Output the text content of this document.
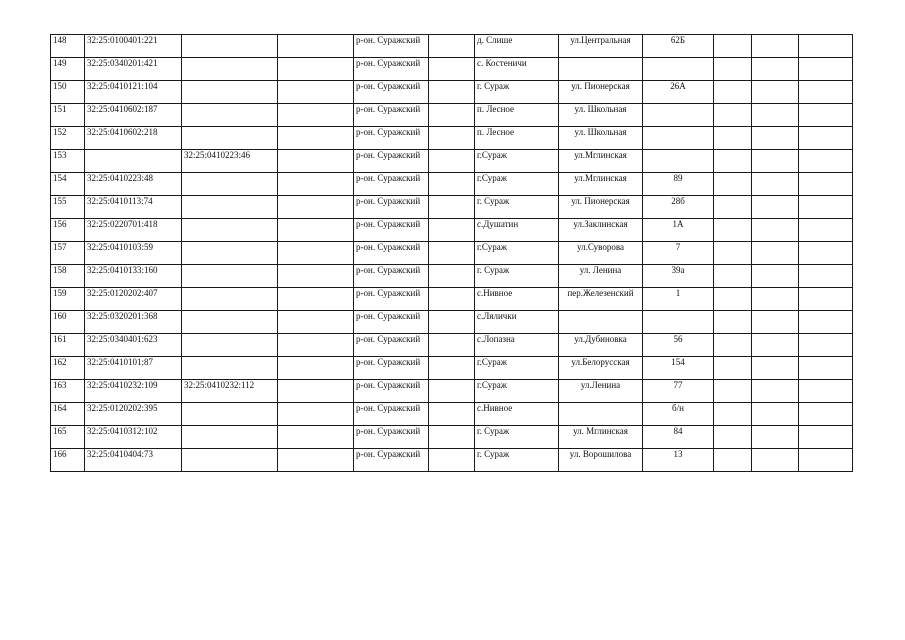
148	32:25:0100401:221			р-он. Суражский		д. Слише	ул.Центральная	62Б			
149	32:25:0340201:421			р-он. Суражский		с. Костеничи					
150	32:25:0410121:104			р-он. Суражский		г. Сураж	ул. Пионерская	26А			
151	32:25:0410602:187			р-он. Суражский		п. Лесное	ул. Школьная				
152	32:25:0410602:218			р-он. Суражский		п. Лесное	ул. Школьная				
153		32:25:0410223:46		р-он. Суражский		г.Сураж	ул.Мглинская				
154	32:25:0410223:48			р-он. Суражский		г.Сураж	ул.Мглинская	89			
155	32:25:0410113:74			р-он. Суражский		г. Сураж	ул. Пионерская	28б			
156	32:25:0220701:418			р-он. Суражский		с.Душатин	ул.Заклинская	1А			
157	32:25:0410103:59			р-он. Суражский		г.Сураж	ул.Суворова	7			
158	32:25:0410133:160			р-он. Суражский		г. Сураж	ул. Ленина	39а			
159	32:25:0120202:407			р-он. Суражский		с.Нивное	пер.Железенский	1			
160	32:25:0320201:368			р-он. Суражский		с.Лялички					
161	32:25:0340401:623			р-он. Суражский		с.Лопазна	ул.Дубиновка	56			
162	32:25:0410101:87			р-он. Суражский		г.Сураж	ул.Белорусская	154			
163	32:25:0410232:109	32:25:0410232:112		р-он. Суражский		г.Сураж	ул.Ленина	77			
164	32:25:0120202:395			р-он. Суражский		с.Нивное		б/н			
165	32:25:0410312:102			р-он. Суражский		г. Сураж	ул. Мглинская	84			
166	32:25:0410404:73			р-он. Суражский		г. Сураж	ул. Ворошилова	13			
